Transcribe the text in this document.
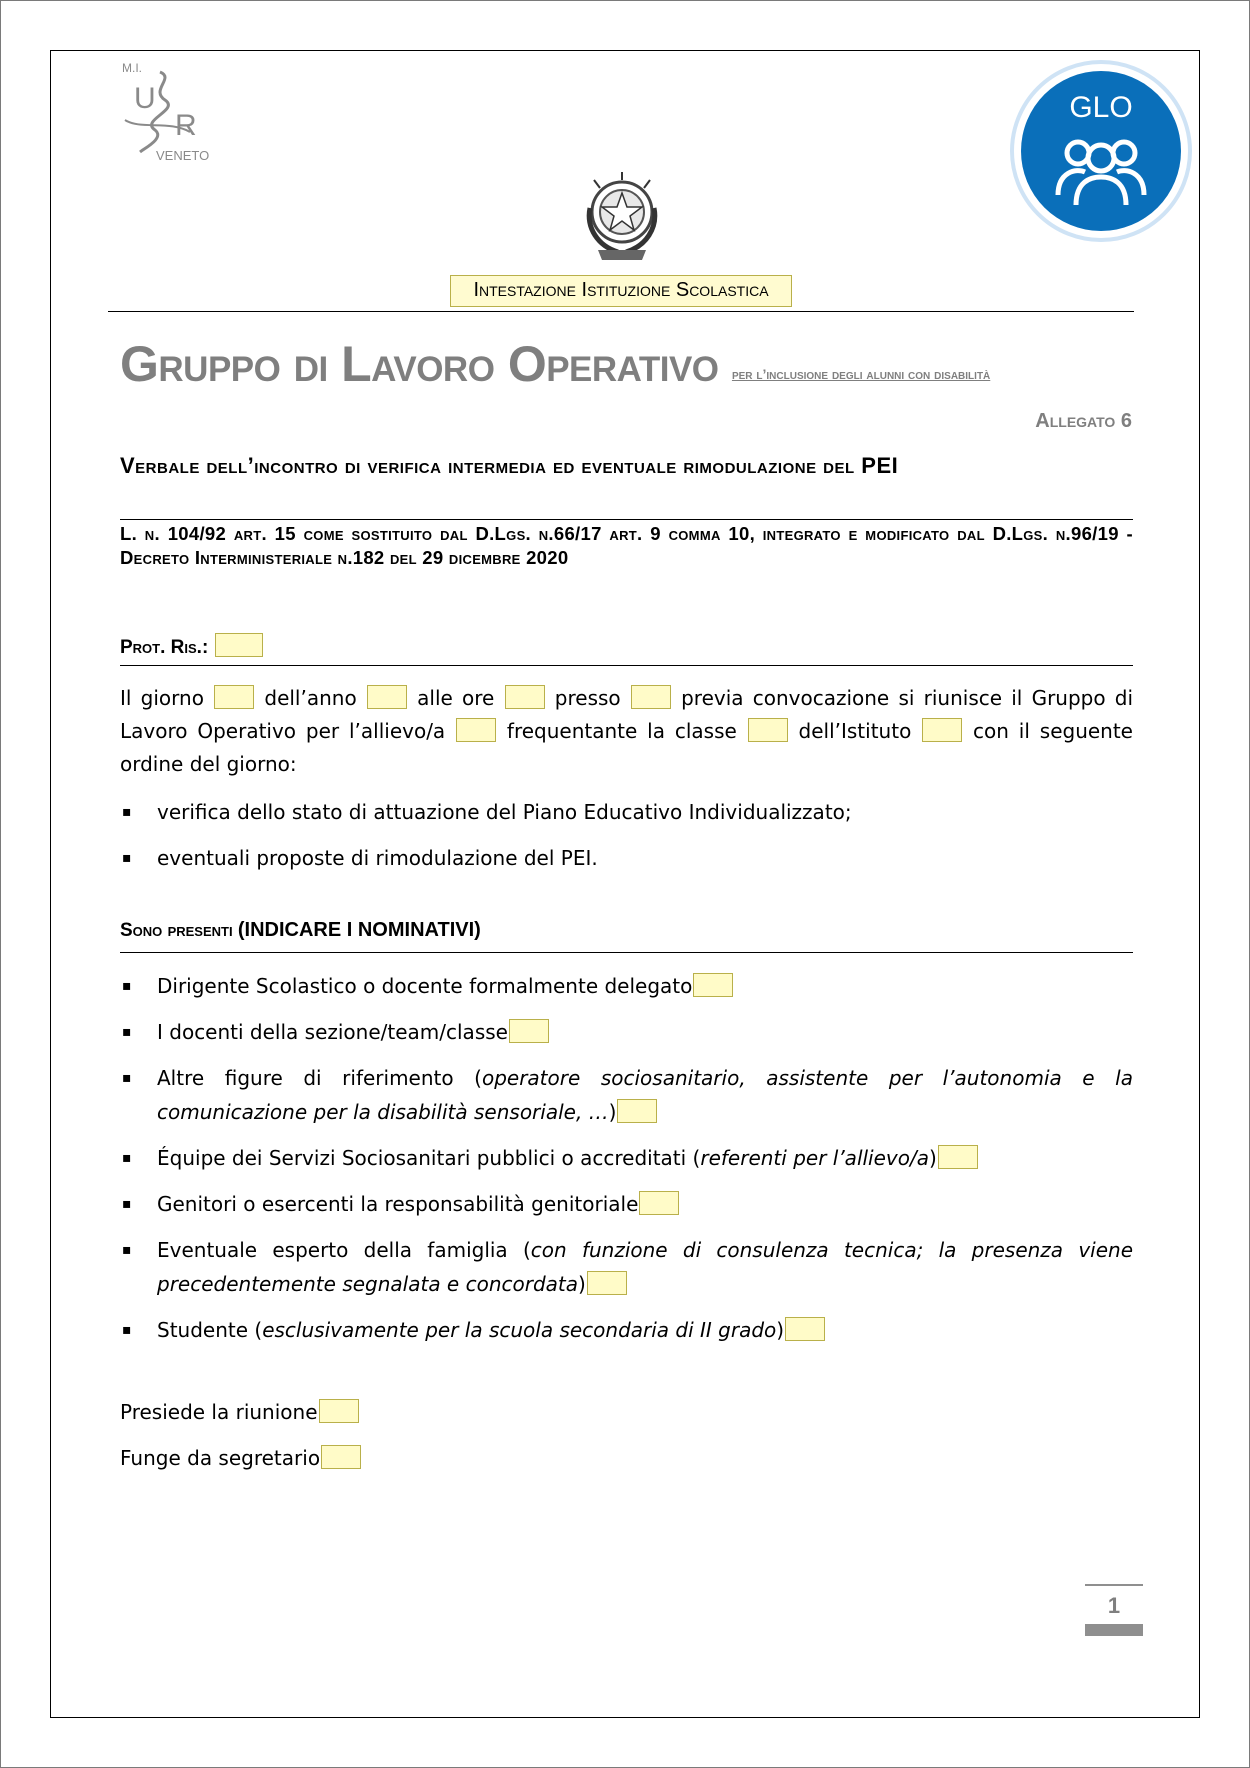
M.I.
U
R
VENETO
GLO
Intestazione Istituzione Scolastica
Gruppo di Lavoro Operativo per l’inclusione degli alunni con disabilità
Allegato 6
Verbale dell’incontro di verifica intermedia ed eventuale rimodulazione del PEI
L. n. 104/92 art. 15 come sostituito dal D.Lgs. n.66/17 art. 9 comma 10, integrato e modificato dal D.Lgs. n.96/19 - Decreto Interministeriale n.182 del 29 dicembre 2020
Prot. Ris.:
Il giorno	dell’anno	alle ore	presso	previa convocazione si riunisce il Gruppo di Lavoro Operativo per l’allievo/a	frequentante la classe	dell’Istituto	con il seguente ordine del giorno:
▪ verifica dello stato di attuazione del Piano Educativo Individualizzato;
▪ eventuali proposte di rimodulazione del PEI.
Sono presenti (INDICARE I NOMINATIVI)
▪ Dirigente Scolastico o docente formalmente delegato
▪ I docenti della sezione/team/classe
▪ Altre figure di riferimento (operatore sociosanitario, assistente per l’autonomia e la comunicazione per la disabilità sensoriale, …)
▪ Équipe dei Servizi Sociosanitari pubblici o accreditati (referenti per l’allievo/a)
▪ Genitori o esercenti la responsabilità genitoriale
▪ Eventuale esperto della famiglia (con funzione di consulenza tecnica; la presenza viene precedentemente segnalata e concordata)
▪ Studente (esclusivamente per la scuola secondaria di II grado)
Presiede la riunione
Funge da segretario
1
